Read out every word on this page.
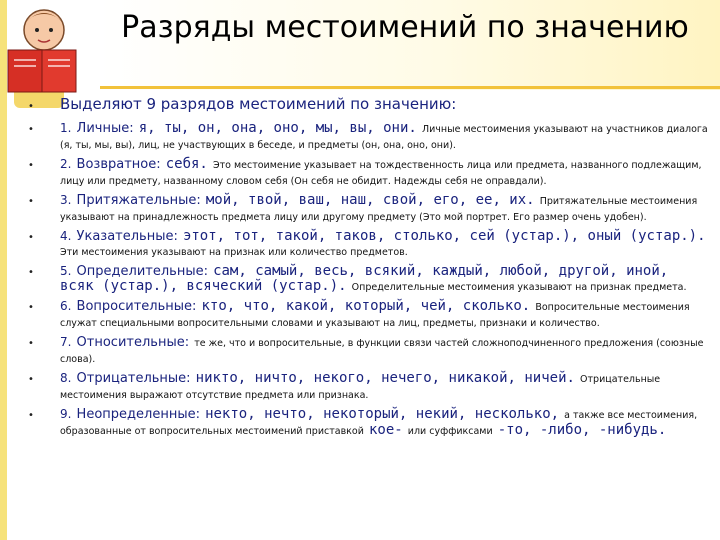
Разряды местоимений по значению
• Выделяют 9 разрядов местоимений по значению:
• 1. Личные: я, ты, он, она, оно, мы, вы, они. Личные местоимения указывают на участников диалога (я, ты, мы, вы), лиц, не участвующих в беседе, и предметы (он, она, оно, они).
• 2. Возвратное: себя. Это местоимение указывает на тождественность лица или предмета, названного подлежащим, лицу или предмету, названному словом себя (Он себя не обидит. Надежды себя не оправдали).
• 3. Притяжательные: мой, твой, ваш, наш, свой, его, ее, их. Притяжательные местоимения указывают на принадлежность предмета лицу или другому предмету (Это мой портрет. Его размер очень удобен).
• 4. Указательные: этот, тот, такой, таков, столько, сей (устар.), оный (устар.). Эти местоимения указывают на признак или количество предметов.
• 5. Определительные: сам, самый, весь, всякий, каждый, любой, другой, иной, всяк (устар.), всяческий (устар.). Определительные местоимения указывают на признак предмета.
• 6. Вопросительные: кто, что, какой, который, чей, сколько. Вопросительные местоимения служат специальными вопросительными словами и указывают на лиц, предметы, признаки и количество.
• 7. Относительные: те же, что и вопросительные, в функции связи частей сложноподчиненного предложения (союзные слова).
• 8. Отрицательные: никто, ничто, некого, нечего, никакой, ничей. Отрицательные местоимения выражают отсутствие предмета или признака.
• 9. Неопределенные: некто, нечто, некоторый, некий, несколько, а также все местоимения, образованные от вопросительных местоимений приставкой кое- или суффиксами -то, -либо, -нибудь.
